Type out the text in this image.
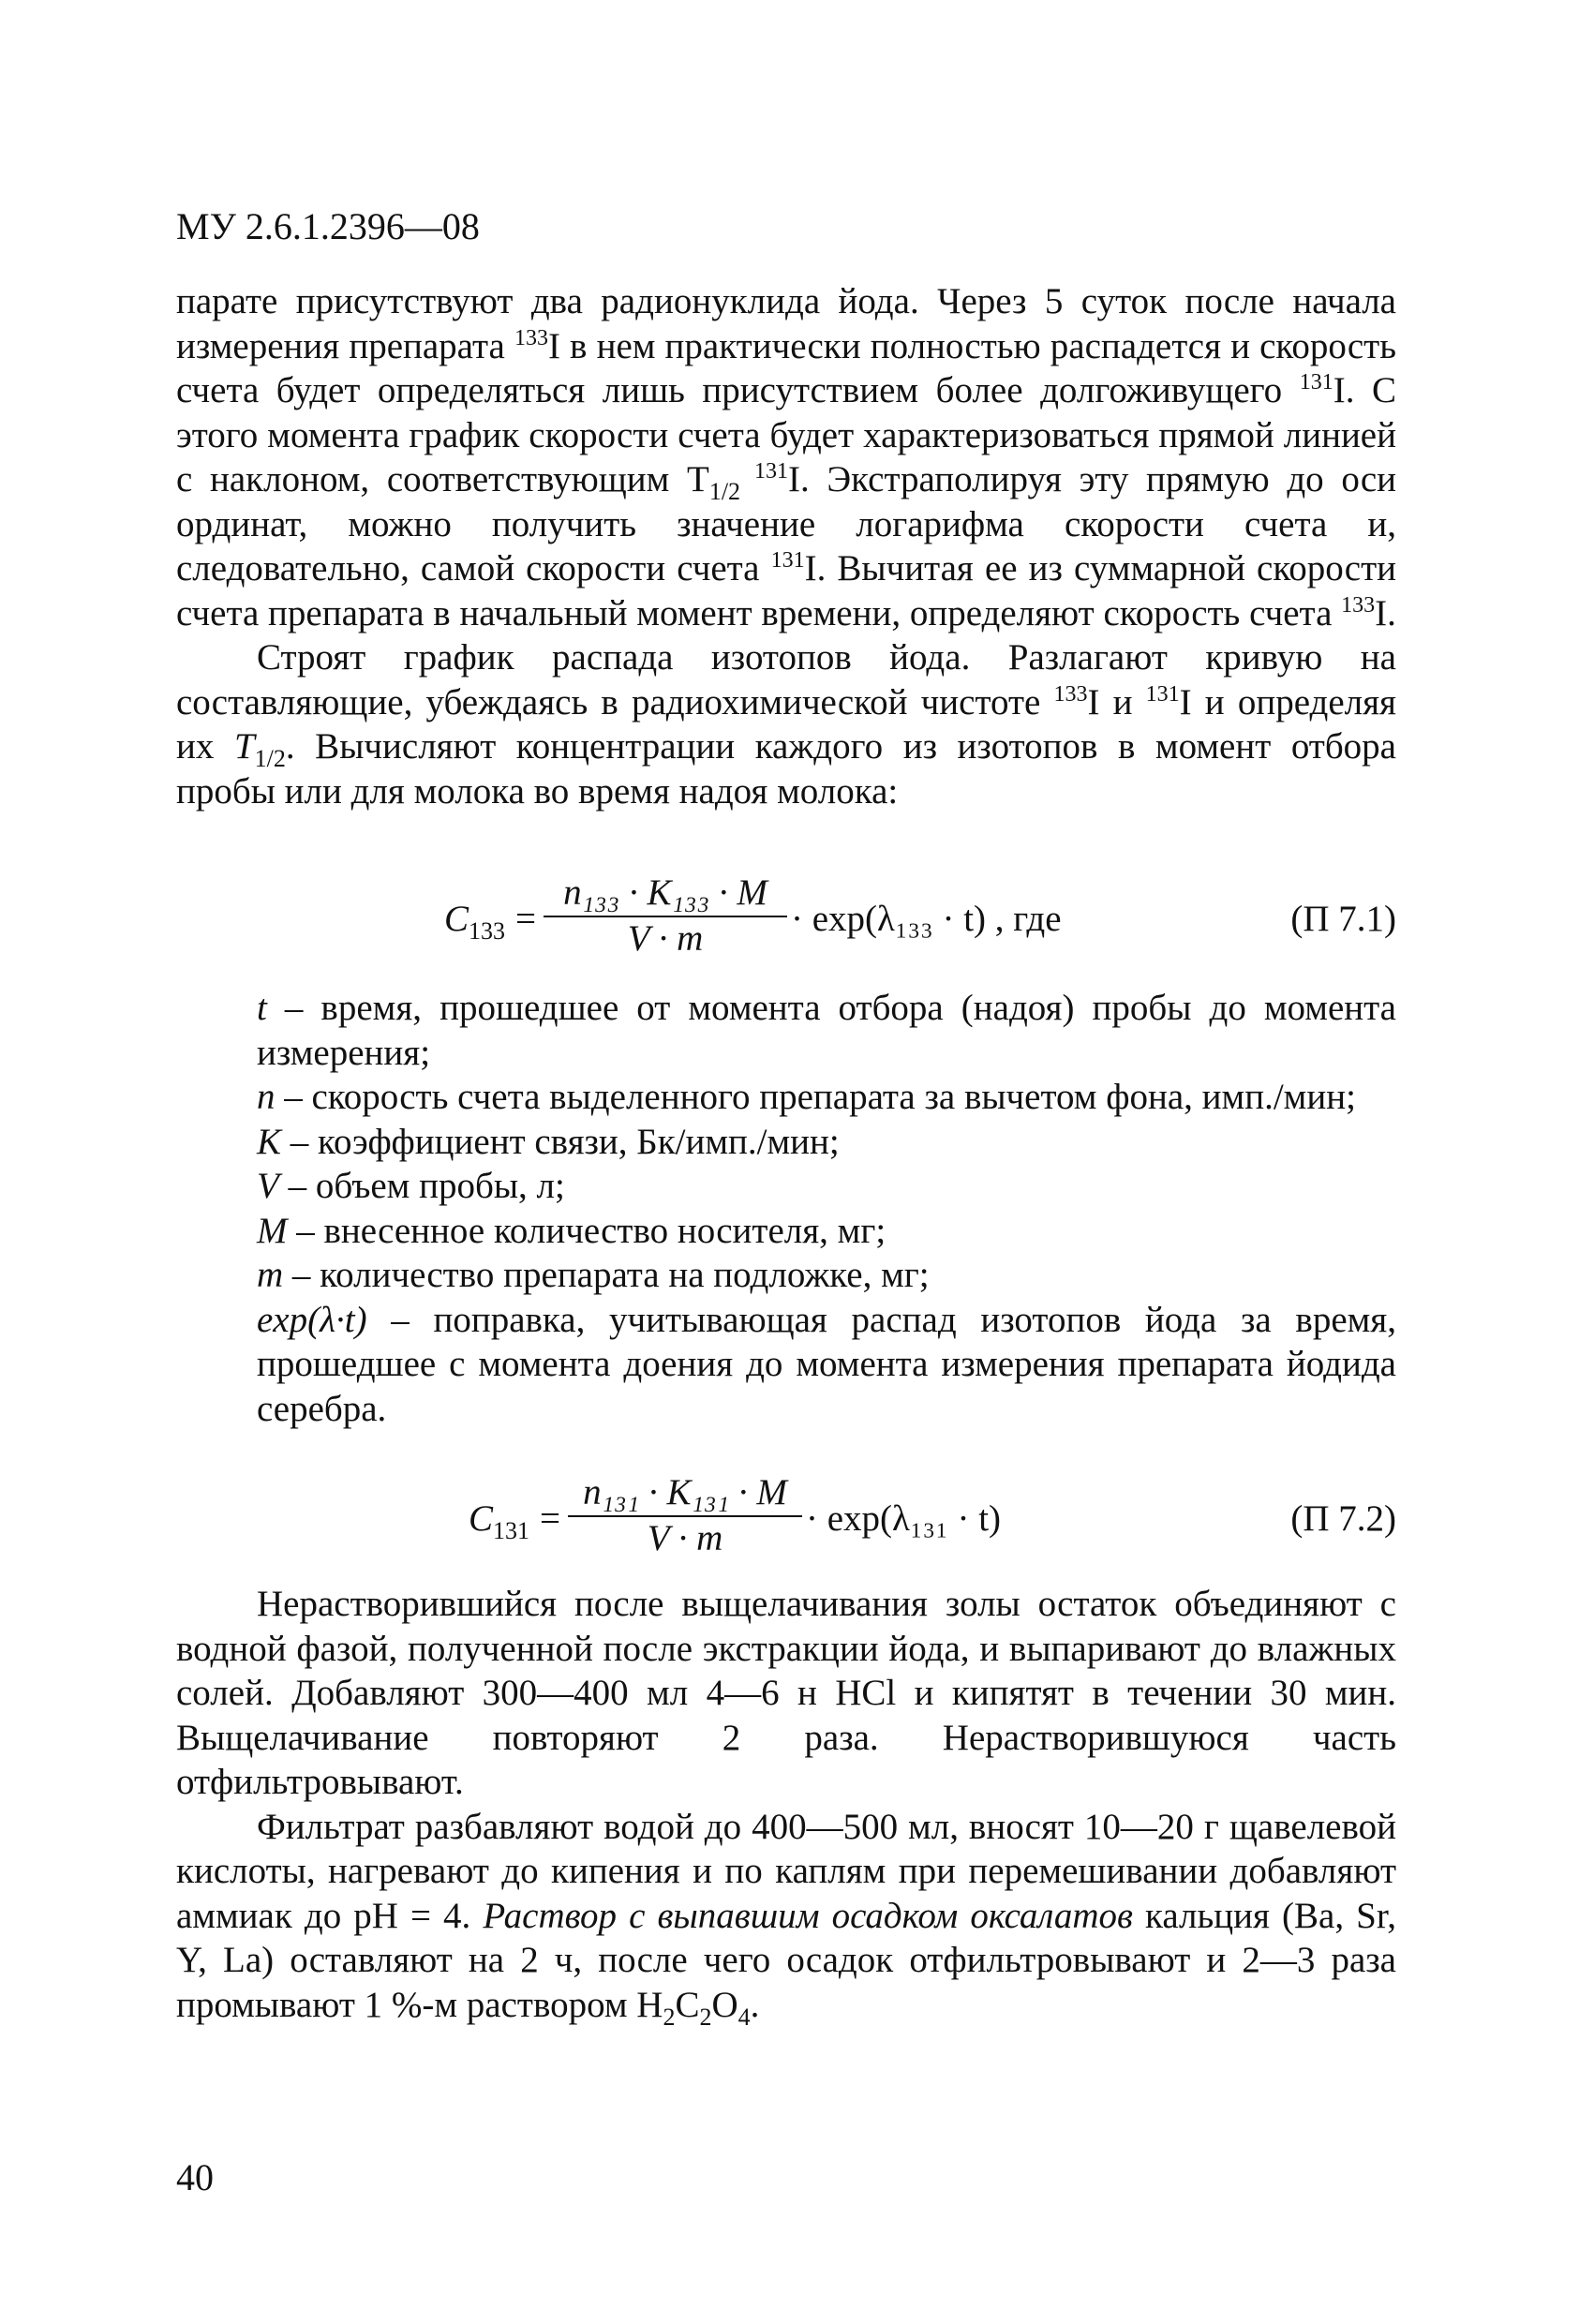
МУ 2.6.1.2396—08

парате присутствуют два радионуклида йода. Через 5 суток после начала измерения препарата $^{133}$I в нем практически полностью распадется и скорость счета будет определяться лишь присутствием более долгоживущего $^{131}$I. С этого момента график скорости счета будет характеризоваться прямой линией с наклоном, соответствующим $T_{1/2}$ $^{131}$I. Экстраполируя эту прямую до оси ординат, можно получить значение логарифма скорости счета и, следовательно, самой скорости счета $^{131}$I. Вычитая ее из суммарной скорости счета препарата в начальный момент времени, определяют скорость счета $^{133}$I.

Строят график распада изотопов йода. Разлагают кривую на составляющие, убеждаясь в радиохимической чистоте $^{133}$I и $^{131}$I и определяя их $T_{1/2}$. Вычисляют концентрации каждого из изотопов в момент отбора пробы или для молока во время надоя молока:

$C_{133}$ =
n₁₃₃ · K₁₃₃ · M
V · m	· exp(λ₁₃₃ · t) , где	(П 7.1)

t – время, прошедшее от момента отбора (надоя) пробы до момента измерения;

n – скорость счета выделенного препарата за вычетом фона, имп./мин;

K – коэффициент связи, Бк/имп./мин;

V – объем пробы, л;

M – внесенное количество носителя, мг;

m – количество препарата на подложке, мг;

exp(λ·t) – поправка, учитывающая распад изотопов йода за время, прошедшее с момента доения до момента измерения препарата йодида серебра.

$C_{131}$ =
n₁₃₁ · K₁₃₁ · M
V · m	· exp(λ₁₃₁ · t)	(П 7.2)

Нерастворившийся после выщелачивания золы остаток объединяют с водной фазой, полученной после экстракции йода, и выпаривают до влажных солей. Добавляют 300—400 мл 4—6 н HCl и кипятят в течении 30 мин. Выщелачивание повторяют 2 раза. Нерастворившуюся часть отфильтровывают.

Фильтрат разбавляют водой до 400—500 мл, вносят 10—20 г щавелевой кислоты, нагревают до кипения и по каплям при перемешивании добавляют аммиак до pH = 4. Раствор с выпавшим осадком оксалатов кальция (Ba, Sr, Y, La) оставляют на 2 ч, после чего осадок отфильтровывают и 2—3 раза промывают 1 %-м раствором $H_2C_2O_4$.

40
